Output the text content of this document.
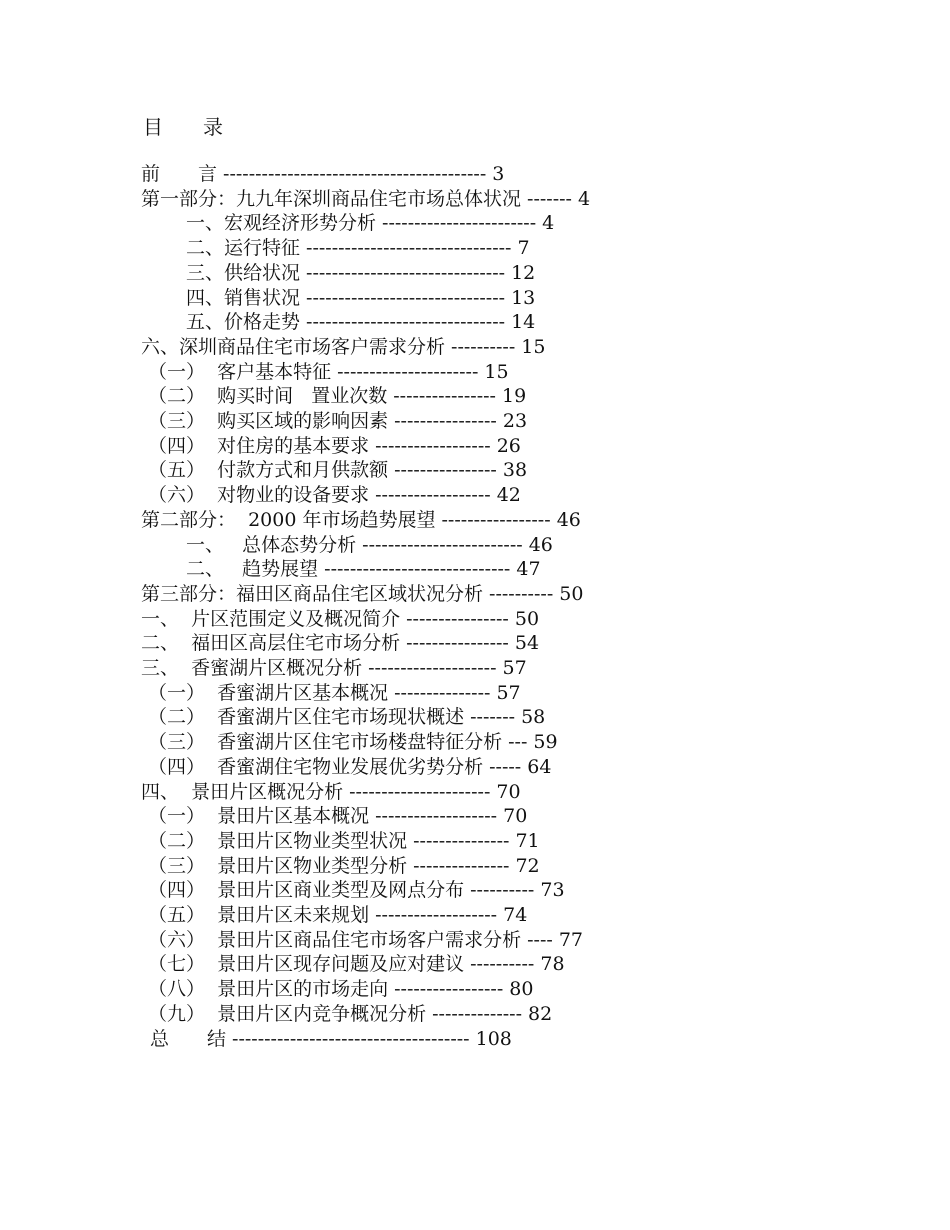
目　　录
前　　言 ----------------------------------------- 3
第一部分：九九年深圳商品住宅市场总体状况 ------- 4
一、宏观经济形势分析 ------------------------ 4
二、运行特征 -------------------------------- 7
三、供给状况 ------------------------------- 12
四、销售状况 ------------------------------- 13
五、价格走势 ------------------------------- 14
六、深圳商品住宅市场客户需求分析 ---------- 15
（一）  客户基本特征 ---------------------- 15
（二）  购买时间   置业次数 ---------------- 19
（三）  购买区域的影响因素 ---------------- 23
（四）  对住房的基本要求 ------------------ 26
（五）  付款方式和月供款额 ---------------- 38
（六）  对物业的设备要求 ------------------ 42
第二部分：  2000 年市场趋势展望 ----------------- 46
一、   总体态势分析 ------------------------- 46
二、   趋势展望 ----------------------------- 47
第三部分：福田区商品住宅区域状况分析 ---------- 50
一、  片区范围定义及概况简介 ---------------- 50
二、  福田区高层住宅市场分析 ---------------- 54
三、  香蜜湖片区概况分析 -------------------- 57
（一）  香蜜湖片区基本概况 --------------- 57
（二）  香蜜湖片区住宅市场现状概述 ------- 58
（三）  香蜜湖片区住宅市场楼盘特征分析 --- 59
（四）  香蜜湖住宅物业发展优劣势分析 ----- 64
四、  景田片区概况分析 ---------------------- 70
（一）  景田片区基本概况 ------------------- 70
（二）  景田片区物业类型状况 --------------- 71
（三）  景田片区物业类型分析 --------------- 72
（四）  景田片区商业类型及网点分布 ---------- 73
（五）  景田片区未来规划 ------------------- 74
（六）  景田片区商品住宅市场客户需求分析 ---- 77
（七）  景田片区现存问题及应对建议 ---------- 78
（八）  景田片区的市场走向 ----------------- 80
（九）  景田片区内竞争概况分析 -------------- 82
总　　结 ------------------------------------- 108
